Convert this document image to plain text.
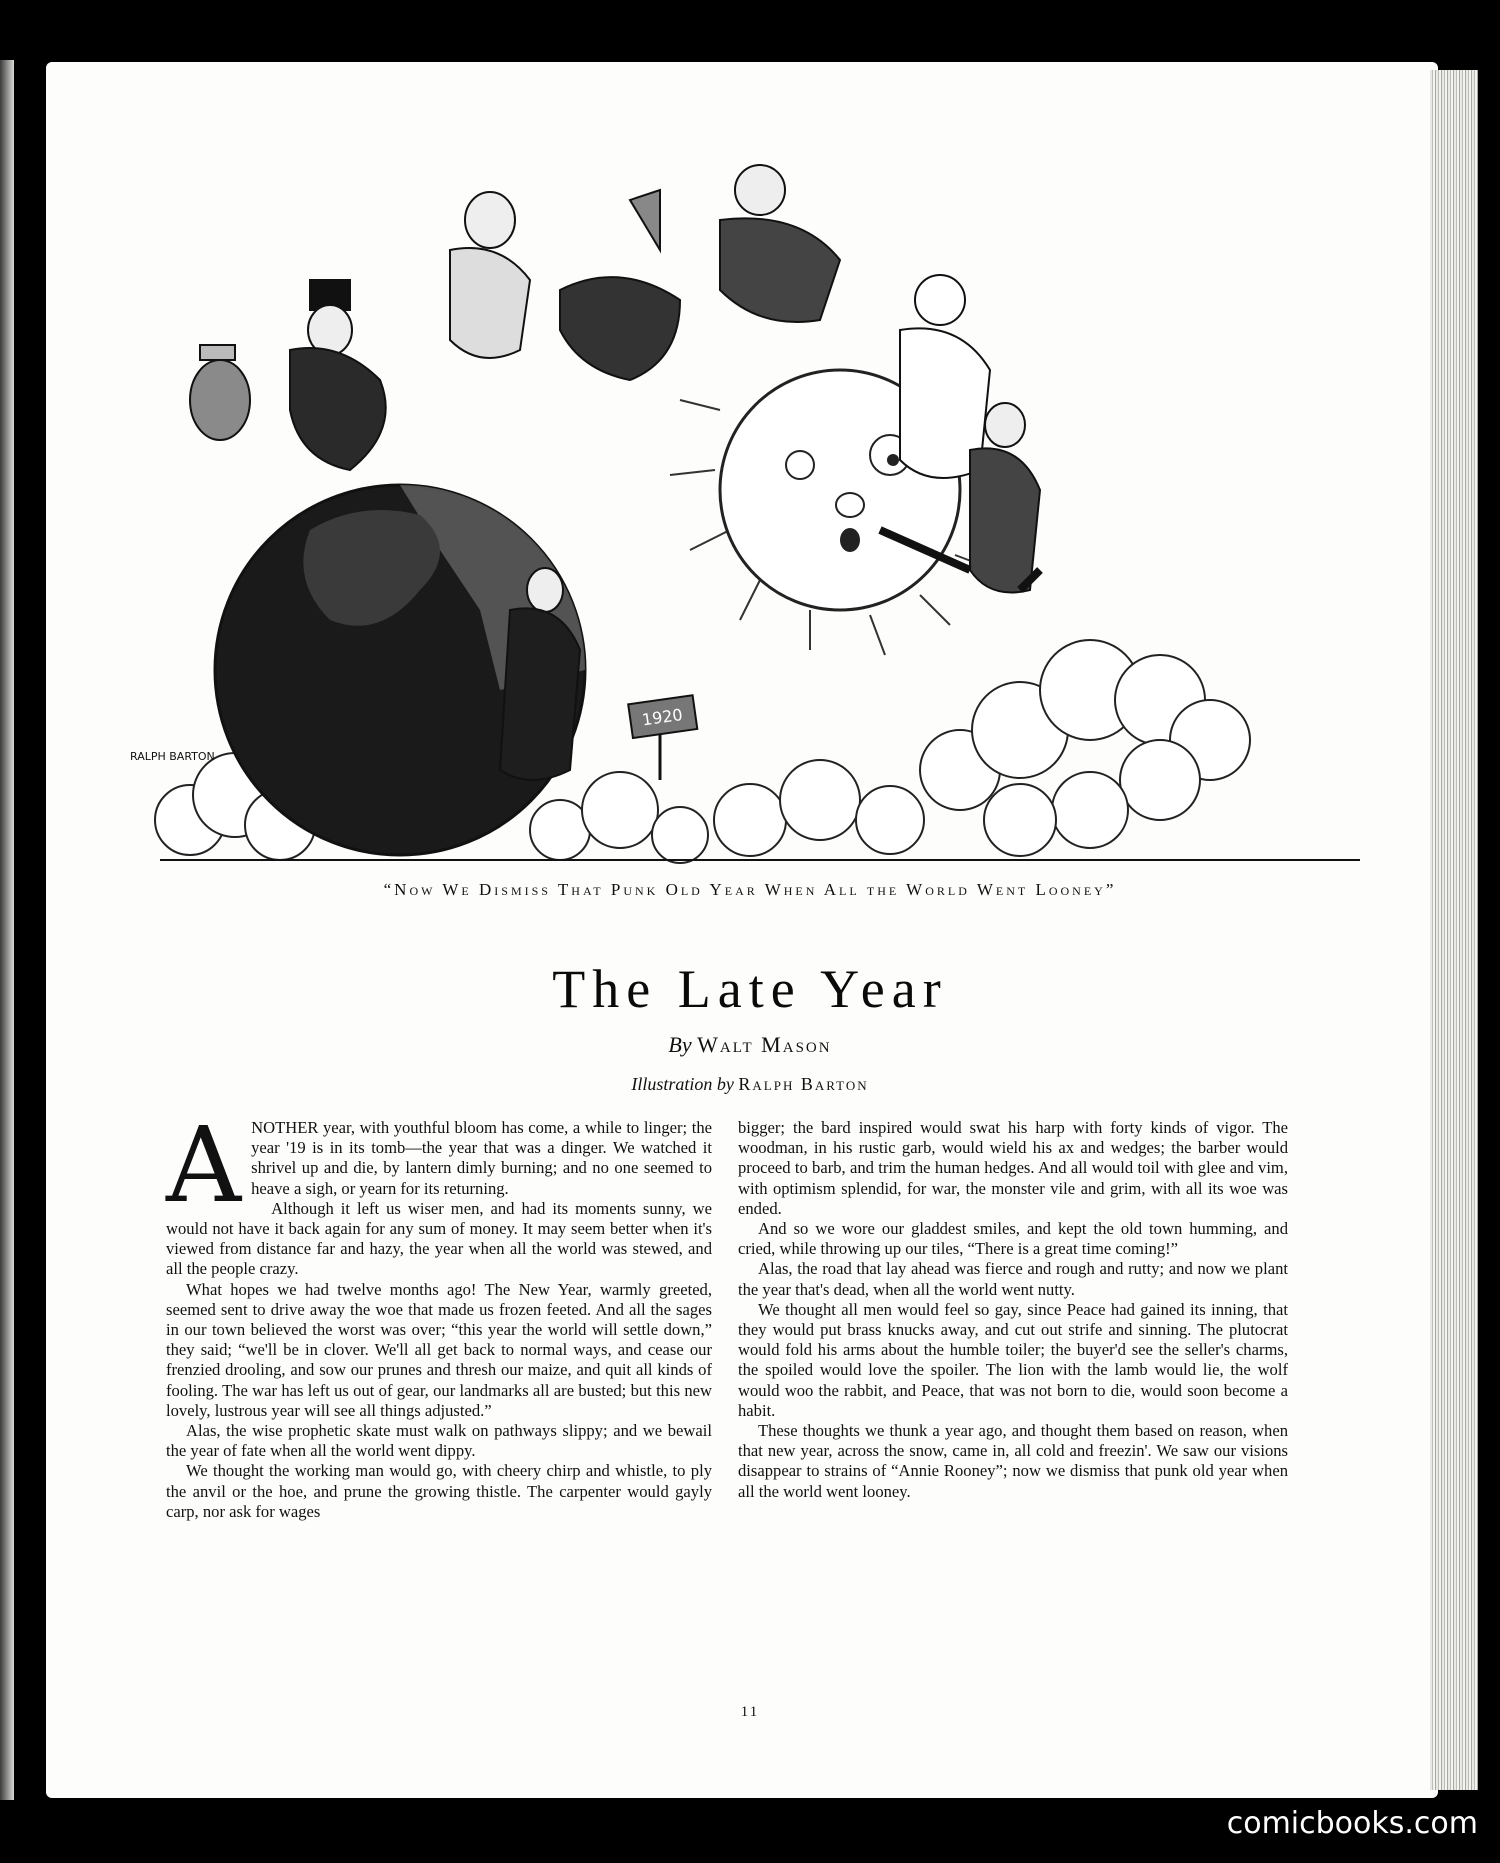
1920
RALPH BARTON
“Now We Dismiss That Punk Old Year When All the World Went Looney”
The Late Year
By Walt Mason
Illustration by Ralph Barton

ANOTHER year, with youthful bloom has come, a while to linger; the year '19 is in its tomb—the year that was a dinger. We watched it shrivel up and die, by lantern dimly burning; and no one seemed to heave a sigh, or yearn for its returning.

Although it left us wiser men, and had its moments sunny, we would not have it back again for any sum of money. It may seem better when it's viewed from distance far and hazy, the year when all the world was stewed, and all the people crazy.

What hopes we had twelve months ago! The New Year, warmly greeted, seemed sent to drive away the woe that made us frozen feeted. And all the sages in our town believed the worst was over; “this year the world will settle down,” they said; “we'll be in clover. We'll all get back to normal ways, and cease our frenzied drooling, and sow our prunes and thresh our maize, and quit all kinds of fooling. The war has left us out of gear, our landmarks all are busted; but this new lovely, lustrous year will see all things adjusted.”

Alas, the wise prophetic skate must walk on pathways slippy; and we bewail the year of fate when all the world went dippy.

We thought the working man would go, with cheery chirp and whistle, to ply the anvil or the hoe, and prune the growing thistle. The carpenter would gayly carp, nor ask for wages

bigger; the bard inspired would swat his harp with forty kinds of vigor. The woodman, in his rustic garb, would wield his ax and wedges; the barber would proceed to barb, and trim the human hedges. And all would toil with glee and vim, with optimism splendid, for war, the monster vile and grim, with all its woe was ended.

And so we wore our gladdest smiles, and kept the old town humming, and cried, while throwing up our tiles, “There is a great time coming!”

Alas, the road that lay ahead was fierce and rough and rutty; and now we plant the year that's dead, when all the world went nutty.

We thought all men would feel so gay, since Peace had gained its inning, that they would put brass knucks away, and cut out strife and sinning. The plutocrat would fold his arms about the humble toiler; the buyer'd see the seller's charms, the spoiled would love the spoiler. The lion with the lamb would lie, the wolf would woo the rabbit, and Peace, that was not born to die, would soon become a habit.

These thoughts we thunk a year ago, and thought them based on reason, when that new year, across the snow, came in, all cold and freezin'. We saw our visions disappear to strains of “Annie Rooney”; now we dismiss that punk old year when all the world went looney.

11
comicbooks.com
